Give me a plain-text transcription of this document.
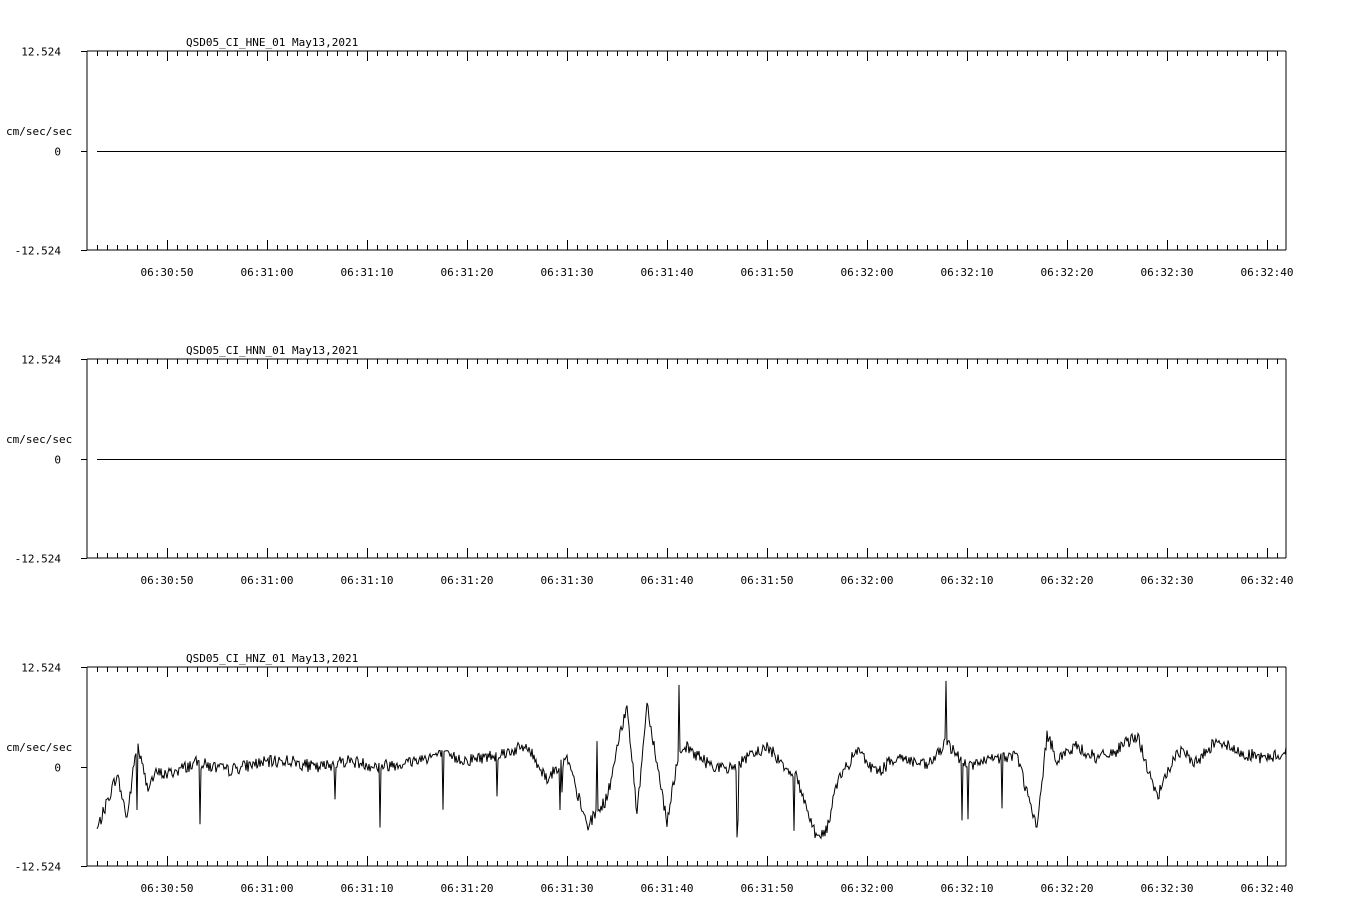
12.524
0
-12.524
cm/sec/sec
QSD05_CI_HNE_01 May13,2021
06:30:50	06:31:00	06:31:10	06:31:20	06:31:30	06:31:40	06:31:50	06:32:00	06:32:10	06:32:20	06:32:30	06:32:40
12.524
0
-12.524
cm/sec/sec
QSD05_CI_HNN_01 May13,2021
06:30:50	06:31:00	06:31:10	06:31:20	06:31:30	06:31:40	06:31:50	06:32:00	06:32:10	06:32:20	06:32:30	06:32:40
12.524
0
-12.524
cm/sec/sec
QSD05_CI_HNZ_01 May13,2021
06:30:50	06:31:00	06:31:10	06:31:20	06:31:30	06:31:40	06:31:50	06:32:00	06:32:10	06:32:20	06:32:30	06:32:40
